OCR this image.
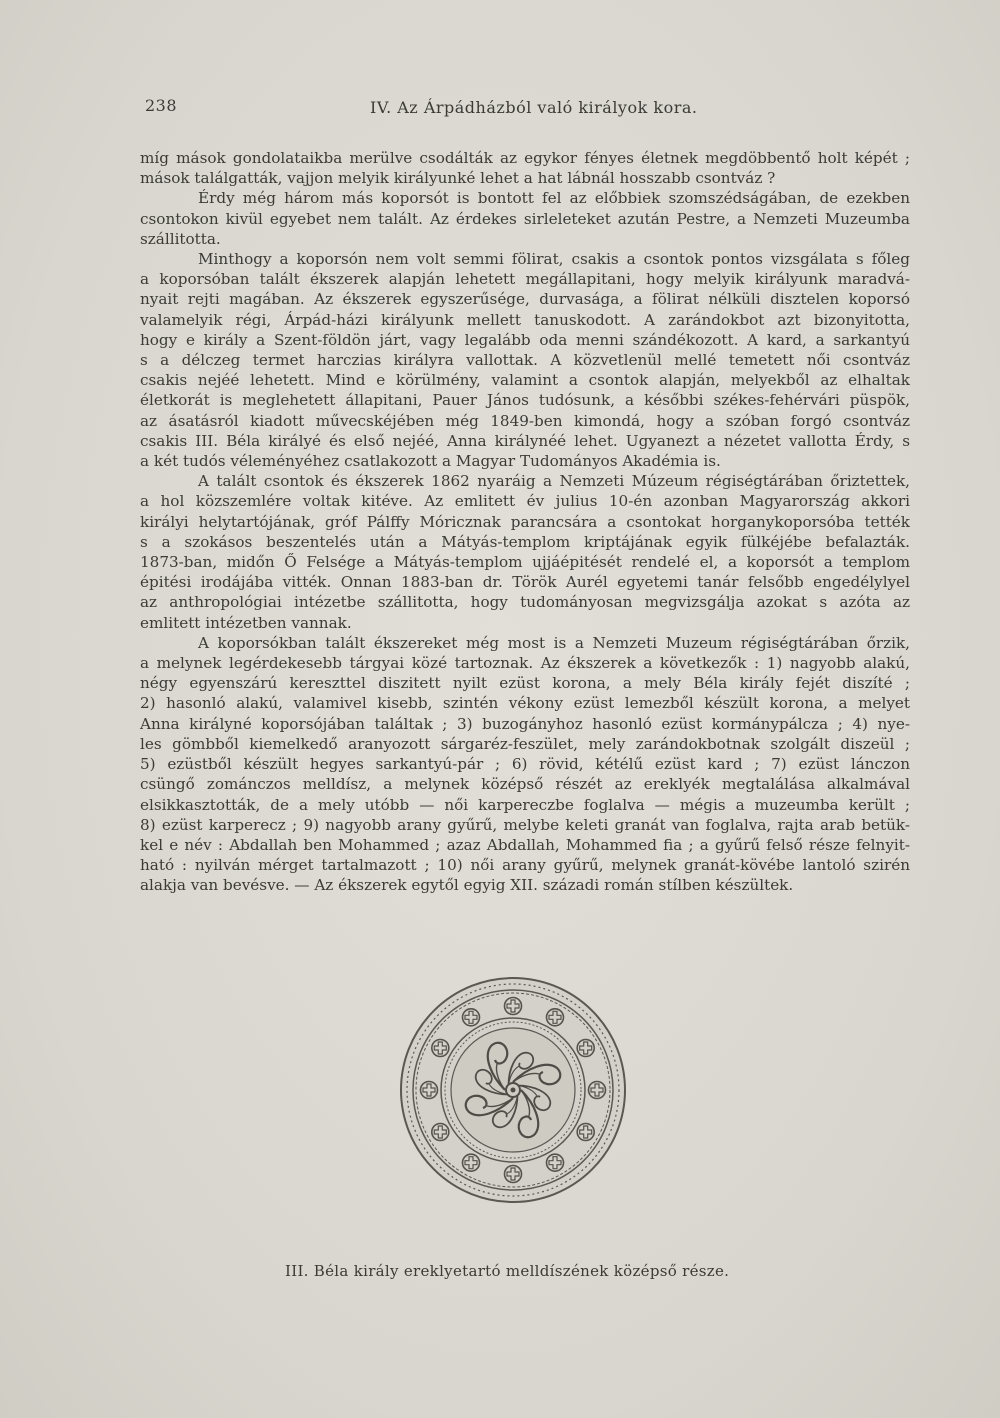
238	IV. Az Árpádházból való királyok kora.
míg mások gondolataikba merülve csodálták az egykor fényes életnek megdöbbentő holt képét ;
mások találgatták, vajjon melyik királyunké lehet a hat lábnál hosszabb csontváz ?
Érdy még három más koporsót is bontott fel az előbbiek szomszédságában, de ezekben
csontokon kivül egyebet nem talált. Az érdekes sirleleteket azután Pestre, a Nemzeti Muzeumba
szállitotta.
Minthogy a koporsón nem volt semmi fölirat, csakis a csontok pontos vizsgálata s főleg
a koporsóban talált ékszerek alapján lehetett megállapitani, hogy melyik királyunk maradvá-
nyait rejti magában. Az ékszerek egyszerűsége, durvasága, a fölirat nélküli disztelen koporsó
valamelyik régi, Árpád-házi királyunk mellett tanuskodott. A zarándokbot azt bizonyitotta,
hogy e király a Szent-földön járt, vagy legalább oda menni szándékozott. A kard, a sarkantyú
s a délczeg termet harczias királyra vallottak. A közvetlenül mellé temetett női csontváz
csakis nejéé lehetett. Mind e körülmény, valamint a csontok alapján, melyekből az elhaltak
életkorát is meglehetett állapitani, Pauer János tudósunk, a későbbi székes-fehérvári püspök,
az ásatásról kiadott művecskéjében még 1849-ben kimondá, hogy a szóban forgó csontváz
csakis III. Béla királyé és első nejéé, Anna királynéé lehet. Ugyanezt a nézetet vallotta Érdy, s
a két tudós véleményéhez csatlakozott a Magyar Tudományos Akadémia is.
A talált csontok és ékszerek 1862 nyaráig a Nemzeti Múzeum régiségtárában őriztettek,
a hol közszemlére voltak kitéve. Az emlitett év julius 10-én azonban Magyarország akkori
királyi helytartójának, gróf Pálffy Móricznak parancsára a csontokat horganykoporsóba tették
s a szokásos beszentelés után a Mátyás-templom kriptájának egyik fülkéjébe befalazták.
1873-ban, midőn Ő Felsége a Mátyás-templom ujjáépitését rendelé el, a koporsót a templom
épitési irodájába vitték. Onnan 1883-ban dr. Török Aurél egyetemi tanár felsőbb engedélylyel
az anthropológiai intézetbe szállitotta, hogy tudományosan megvizsgálja azokat s azóta az
emlitett intézetben vannak.
A koporsókban talált ékszereket még most is a Nemzeti Muzeum régiségtárában őrzik,
a melynek legérdekesebb tárgyai közé tartoznak. Az ékszerek a következők : 1) nagyobb alakú,
négy egyenszárú kereszttel diszitett nyilt ezüst korona, a mely Béla király fejét diszíté ;
2) hasonló alakú, valamivel kisebb, szintén vékony ezüst lemezből készült korona, a melyet
Anna királyné koporsójában találtak ; 3) buzogányhoz hasonló ezüst kormánypálcza ; 4) nye-
les gömbből kiemelkedő aranyozott sárgaréz-feszület, mely zarándokbotnak szolgált diszeül ;
5) ezüstből készült hegyes sarkantyú-pár ; 6) rövid, kétélű ezüst kard ; 7) ezüst lánczon
csüngő zománczos melldísz, a melynek középső részét az ereklyék megtalálása alkalmával
elsikkasztották, de a mely utóbb — női karpereczbe foglalva — mégis a muzeumba került ;
8) ezüst karperecz ; 9) nagyobb arany gyűrű, melybe keleti granát van foglalva, rajta arab betük-
kel e név : Abdallah ben Mohammed ; azaz Abdallah, Mohammed fia ; a gyűrű felső része felnyit-
ható : nyilván mérget tartalmazott ; 10) női arany gyűrű, melynek granát-kövébe lantoló szirén
alakja van bevésve. — Az ékszerek egytől egyig XII. századi román stílben készültek.
III. Béla király ereklyetartó melldíszének középső része.
